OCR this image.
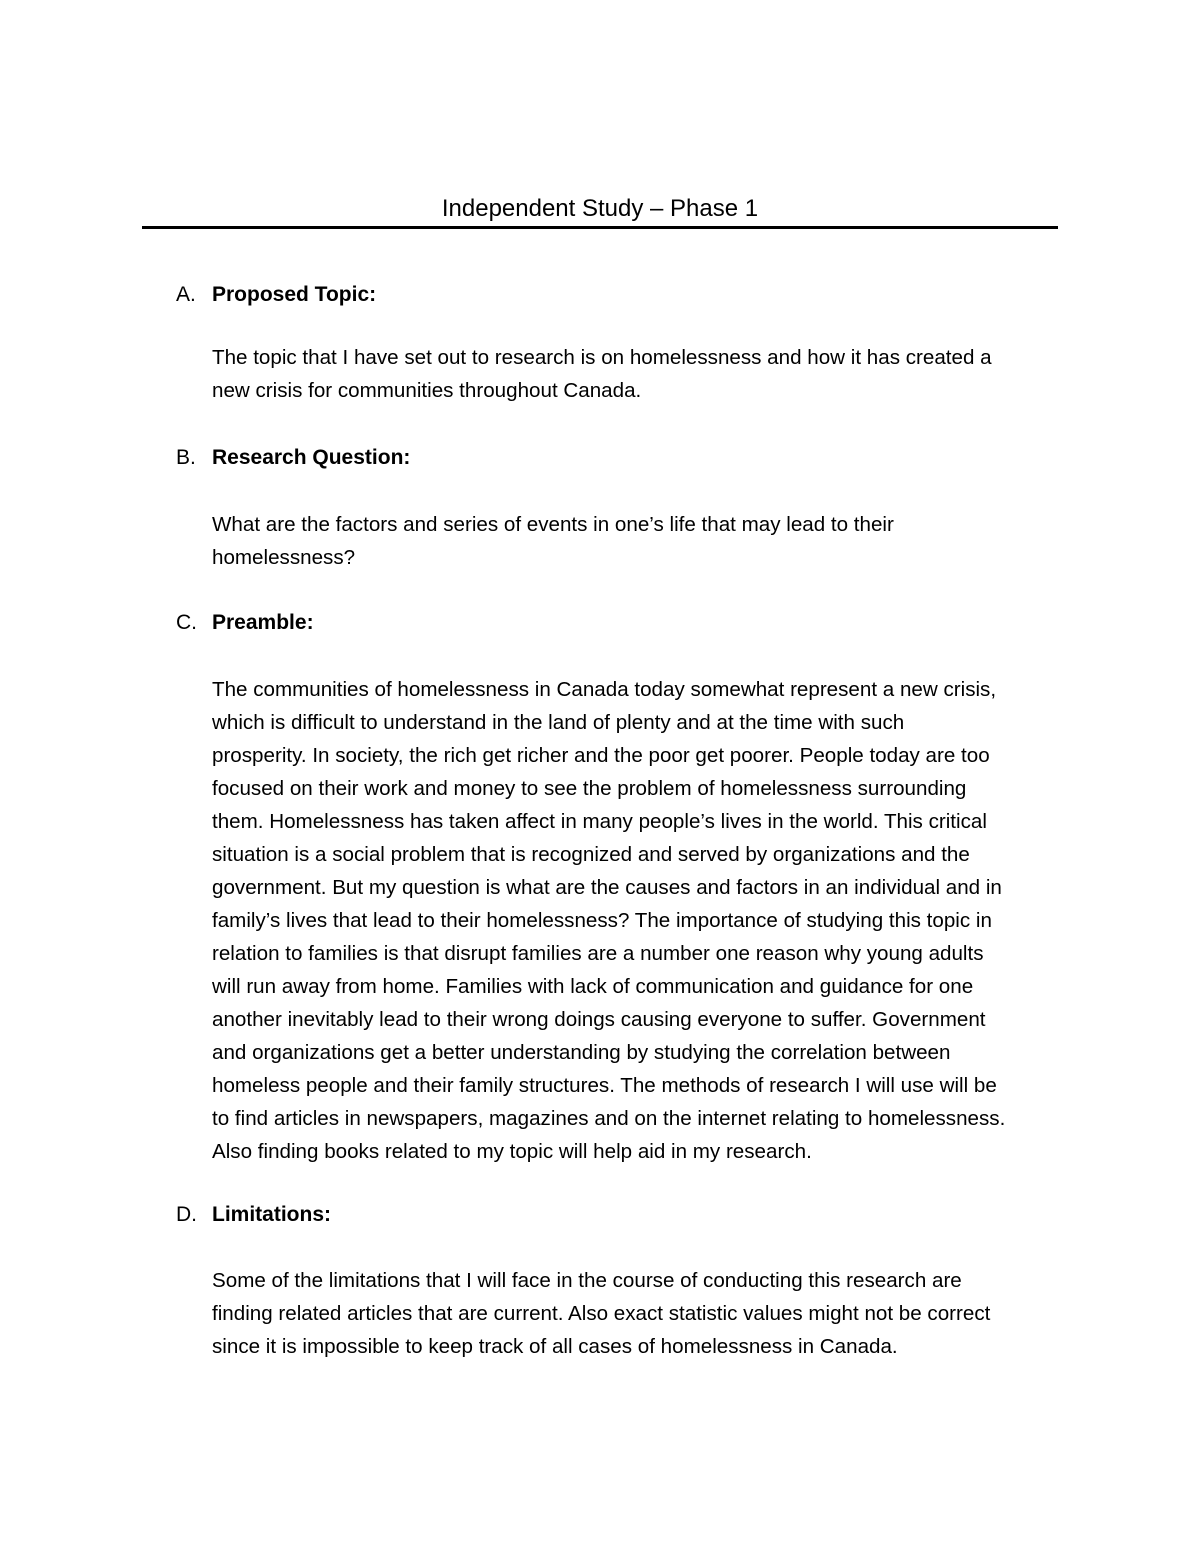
Independent Study – Phase 1
A. Proposed Topic:

The topic that I have set out to research is on homelessness and how it has created a
new crisis for communities throughout Canada.

B. Research Question:

What are the factors and series of events in one’s life that may lead to their
homelessness?

C. Preamble:

The communities of homelessness in Canada today somewhat represent a new crisis,
which is difficult to understand in the land of plenty and at the time with such
prosperity. In society, the rich get richer and the poor get poorer. People today are too
focused on their work and money to see the problem of homelessness surrounding
them. Homelessness has taken affect in many people’s lives in the world. This critical
situation is a social problem that is recognized and served by organizations and the
government. But my question is what are the causes and factors in an individual and in
family’s lives that lead to their homelessness? The importance of studying this topic in
relation to families is that disrupt families are a number one reason why young adults
will run away from home. Families with lack of communication and guidance for one
another inevitably lead to their wrong doings causing everyone to suffer. Government
and organizations get a better understanding by studying the correlation between
homeless people and their family structures. The methods of research I will use will be
to find articles in newspapers, magazines and on the internet relating to homelessness.
Also finding books related to my topic will help aid in my research.

D. Limitations:

Some of the limitations that I will face in the course of conducting this research are
finding related articles that are current. Also exact statistic values might not be correct
since it is impossible to keep track of all cases of homelessness in Canada.
